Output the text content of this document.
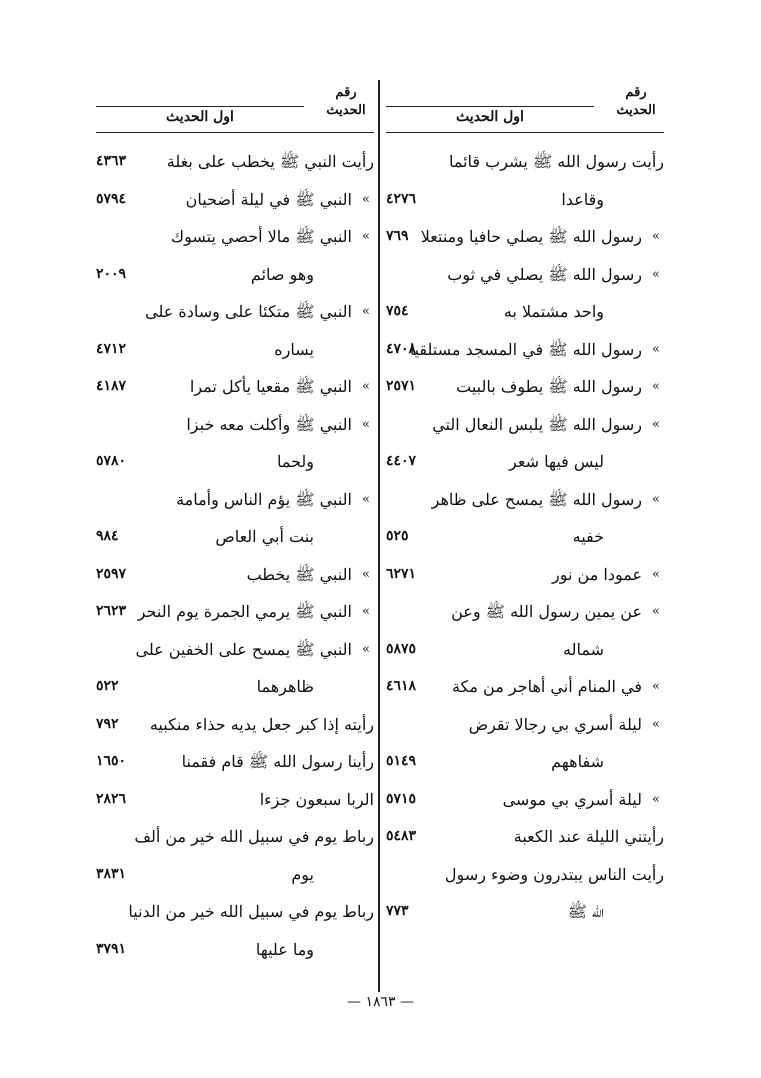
رقم
الحديث
اول الحديث
رأيت رسول الله ﷺ يشرب قائما
وقاعدا
٤٢٧٦
»
رسول الله ﷺ يصلي حافيا ومنتعلا
٧٦٩
»
رسول الله ﷺ يصلي في ثوب
واحد مشتملا به
٧٥٤
»
رسول الله ﷺ في المسجد مستلقيا
٤٧٠٨
»
رسول الله ﷺ يطوف بالبيت
٢٥٧١
»
رسول الله ﷺ يلبس النعال التي
ليس فيها شعر
٤٤٠٧
»
رسول الله ﷺ يمسح على ظاهر
خفيه
٥٢٥
»
عمودا من نور
٦٢٧١
»
عن يمين رسول الله ﷺ وعن
شماله
٥٨٧٥
»
في المنام أني أهاجر من مكة
٤٦١٨
»
ليلة أسري بي رجالا تقرض
شفاههم
٥١٤٩
»
ليلة أسري بي موسى
٥٧١٥
رأيتني الليلة عند الكعبة
٥٤٨٣
رأيت الناس يبتدرون وضوء رسول
الله ﷺ
٧٧٣
رقم
الحديث
اول الحديث
رأيت النبي ﷺ يخطب على بغلة
٤٣٦٣
»
النبي ﷺ في ليلة أضحيان
٥٧٩٤
»
النبي ﷺ مالا أحصي يتسوك
وهو صائم
٢٠٠٩
»
النبي ﷺ متكئا على وسادة على
يساره
٤٧١٢
»
النبي ﷺ مقعيا يأكل تمرا
٤١٨٧
»
النبي ﷺ وأكلت معه خبزا
ولحما
٥٧٨٠
»
النبي ﷺ يؤم الناس وأمامة
بنت أبي العاص
٩٨٤
»
النبي ﷺ يخطب
٢٥٩٧
»
النبي ﷺ يرمي الجمرة يوم النحر
٢٦٢٣
»
النبي ﷺ يمسح على الخفين على
ظاهرهما
٥٢٢
رأيته إذا كبر جعل يديه حذاء منكبيه
٧٩٢
رأينا رسول الله ﷺ قام فقمنا
١٦٥٠
الربا سبعون جزءا
٢٨٢٦
رباط يوم في سبيل الله خير من ألف
يوم
٣٨٣١
رباط يوم في سبيل الله خير من الدنيا
وما عليها
٣٧٩١
— ١٨٦٣ —
